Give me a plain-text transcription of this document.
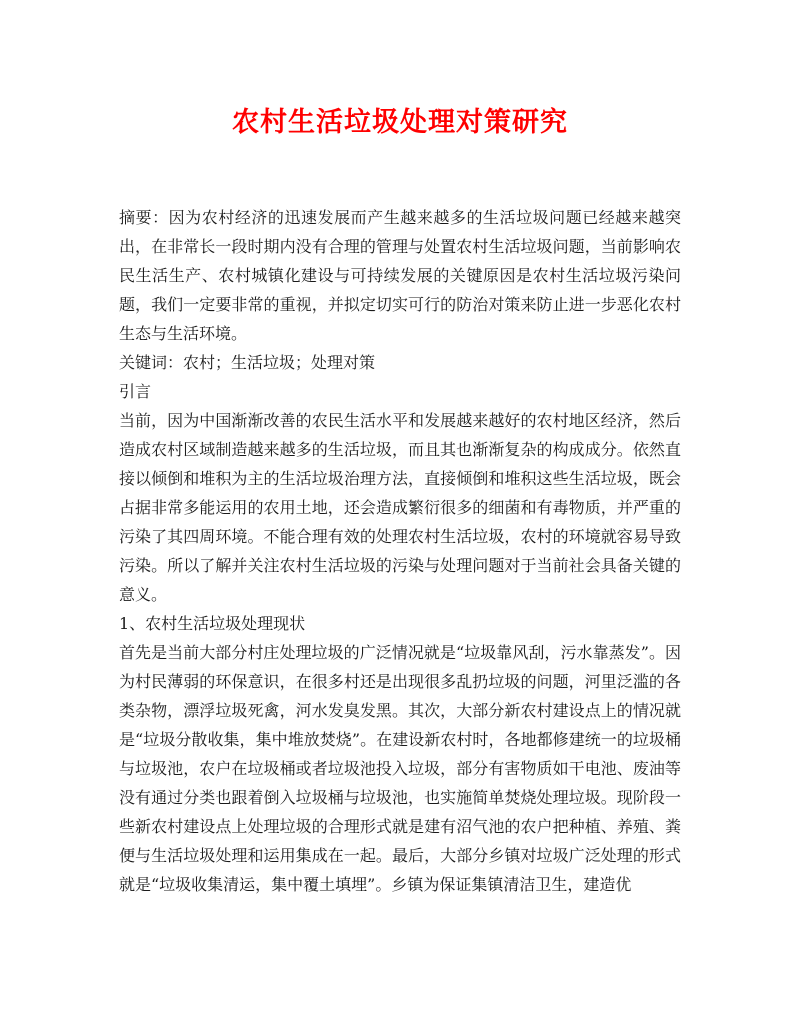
农村生活垃圾处理对策研究

摘要：因为农村经济的迅速发展而产生越来越多的生活垃圾问题已经越来越突出，在非常长一段时期内没有合理的管理与处置农村生活垃圾问题，当前影响农民生活生产、农村城镇化建设与可持续发展的关键原因是农村生活垃圾污染问题，我们一定要非常的重视，并拟定切实可行的防治对策来防止进一步恶化农村生态与生活环境。

关键词：农村；生活垃圾；处理对策

引言

当前，因为中国渐渐改善的农民生活水平和发展越来越好的农村地区经济，然后造成农村区域制造越来越多的生活垃圾，而且其也渐渐复杂的构成成分。依然直接以倾倒和堆积为主的生活垃圾治理方法，直接倾倒和堆积这些生活垃圾，既会占据非常多能运用的农用土地，还会造成繁衍很多的细菌和有毒物质，并严重的污染了其四周环境。不能合理有效的处理农村生活垃圾，农村的环境就容易导致污染。所以了解并关注农村生活垃圾的污染与处理问题对于当前社会具备关键的意义。

1、农村生活垃圾处理现状

首先是当前大部分村庄处理垃圾的广泛情况就是“垃圾靠风刮，污水靠蒸发”。因为村民薄弱的环保意识，在很多村还是出现很多乱扔垃圾的问题，河里泛滥的各类杂物，漂浮垃圾死禽，河水发臭发黑。其次，大部分新农村建设点上的情况就是“垃圾分散收集，集中堆放焚烧”。在建设新农村时，各地都修建统一的垃圾桶与垃圾池，农户在垃圾桶或者垃圾池投入垃圾，部分有害物质如干电池、废油等没有通过分类也跟着倒入垃圾桶与垃圾池，也实施简单焚烧处理垃圾。现阶段一些新农村建设点上处理垃圾的合理形式就是建有沼气池的农户把种植、养殖、粪便与生活垃圾处理和运用集成在一起。最后，大部分乡镇对垃圾广泛处理的形式就是“垃圾收集清运，集中覆土填埋”。乡镇为保证集镇清洁卫生，建造优
